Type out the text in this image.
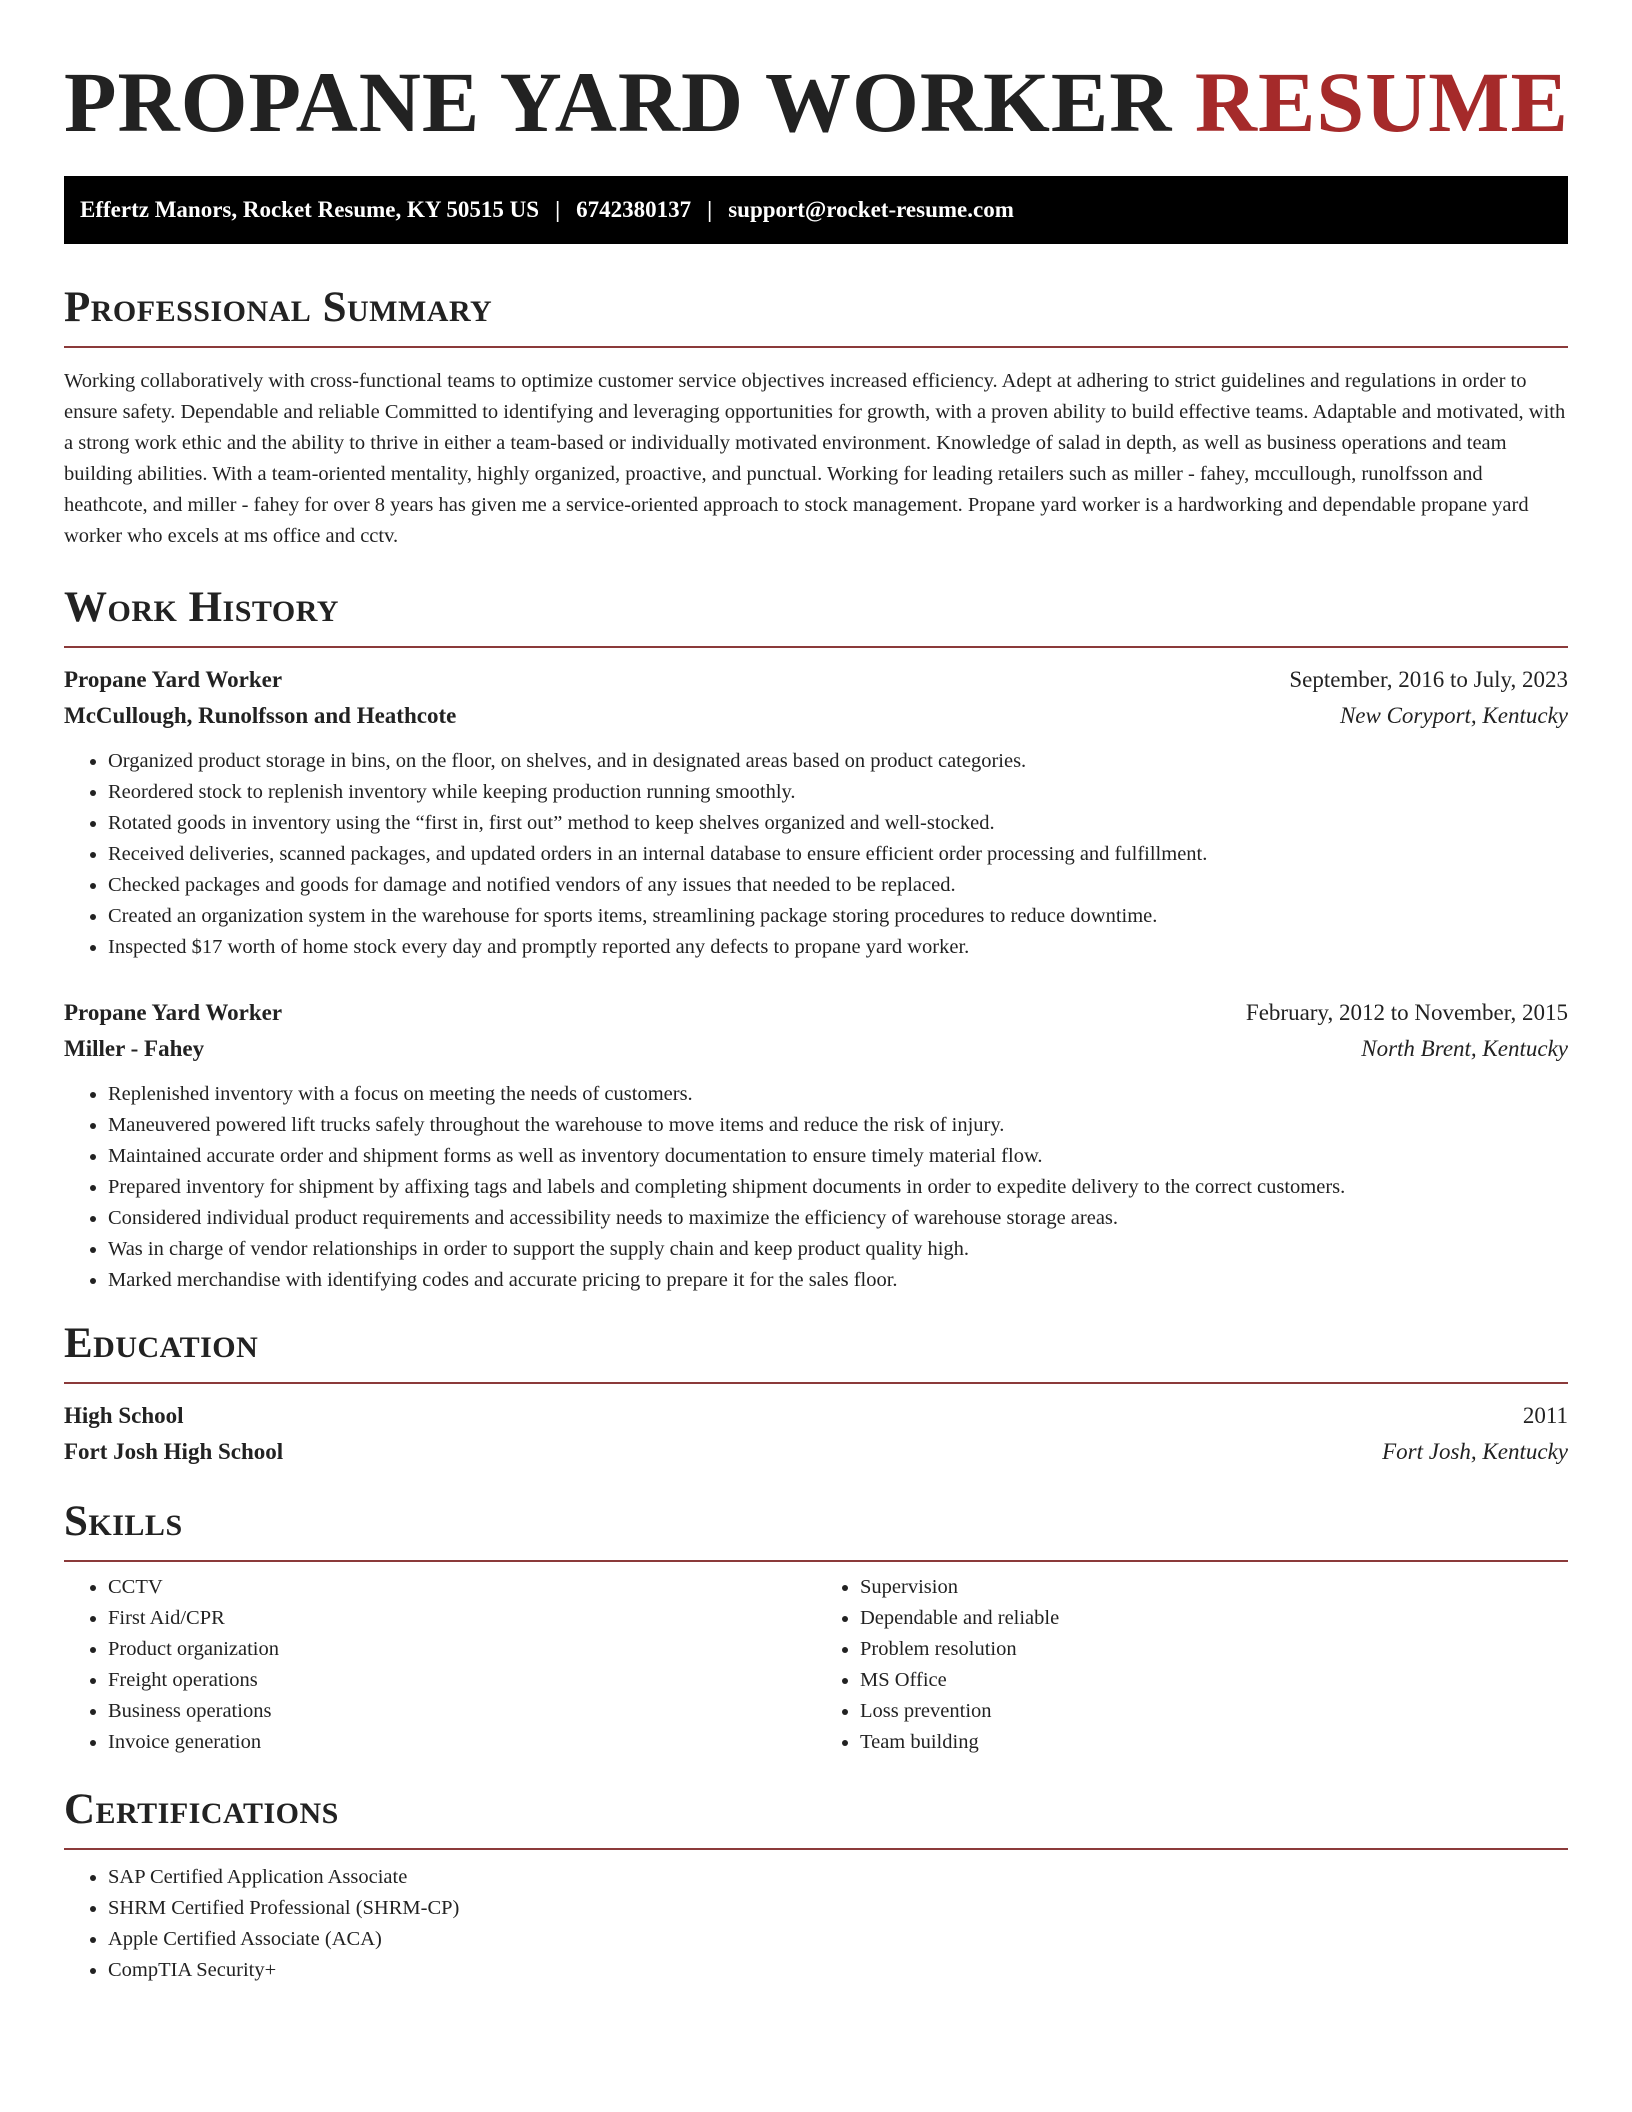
PROPANE YARD WORKER RESUME
Effertz Manors, Rocket Resume, KY 50515 US | 6742380137 | support@rocket-resume.com
Professional Summary

Working collaboratively with cross-functional teams to optimize customer service objectives increased efficiency. Adept at adhering to strict guidelines and regulations in order to ensure safety. Dependable and reliable Committed to identifying and leveraging opportunities for growth, with a proven ability to build effective teams. Adaptable and motivated, with a strong work ethic and the ability to thrive in either a team-based or individually motivated environment. Knowledge of salad in depth, as well as business operations and team building abilities. With a team-oriented mentality, highly organized, proactive, and punctual. Working for leading retailers such as miller - fahey, mccullough, runolfsson and heathcote, and miller - fahey for over 8 years has given me a service-oriented approach to stock management. Propane yard worker is a hardworking and dependable propane yard worker who excels at ms office and cctv.

Work History
Propane Yard Worker	September, 2016 to July, 2023
McCullough, Runolfsson and Heathcote	New Coryport, Kentucky
• Organized product storage in bins, on the floor, on shelves, and in designated areas based on product categories.
• Reordered stock to replenish inventory while keeping production running smoothly.
• Rotated goods in inventory using the “first in, first out” method to keep shelves organized and well-stocked.
• Received deliveries, scanned packages, and updated orders in an internal database to ensure efficient order processing and fulfillment.
• Checked packages and goods for damage and notified vendors of any issues that needed to be replaced.
• Created an organization system in the warehouse for sports items, streamlining package storing procedures to reduce downtime.
• Inspected $17 worth of home stock every day and promptly reported any defects to propane yard worker.
Propane Yard Worker	February, 2012 to November, 2015
Miller - Fahey	North Brent, Kentucky
• Replenished inventory with a focus on meeting the needs of customers.
• Maneuvered powered lift trucks safely throughout the warehouse to move items and reduce the risk of injury.
• Maintained accurate order and shipment forms as well as inventory documentation to ensure timely material flow.
• Prepared inventory for shipment by affixing tags and labels and completing shipment documents in order to expedite delivery to the correct customers.
• Considered individual product requirements and accessibility needs to maximize the efficiency of warehouse storage areas.
• Was in charge of vendor relationships in order to support the supply chain and keep product quality high.
• Marked merchandise with identifying codes and accurate pricing to prepare it for the sales floor.
Education
High School	2011
Fort Josh High School	Fort Josh, Kentucky
Skills
• CCTV
• First Aid/CPR
• Product organization
• Freight operations
• Business operations
• Invoice generation
• Supervision
• Dependable and reliable
• Problem resolution
• MS Office
• Loss prevention
• Team building
Certifications
• SAP Certified Application Associate
• SHRM Certified Professional (SHRM-CP)
• Apple Certified Associate (ACA)
• CompTIA Security+
